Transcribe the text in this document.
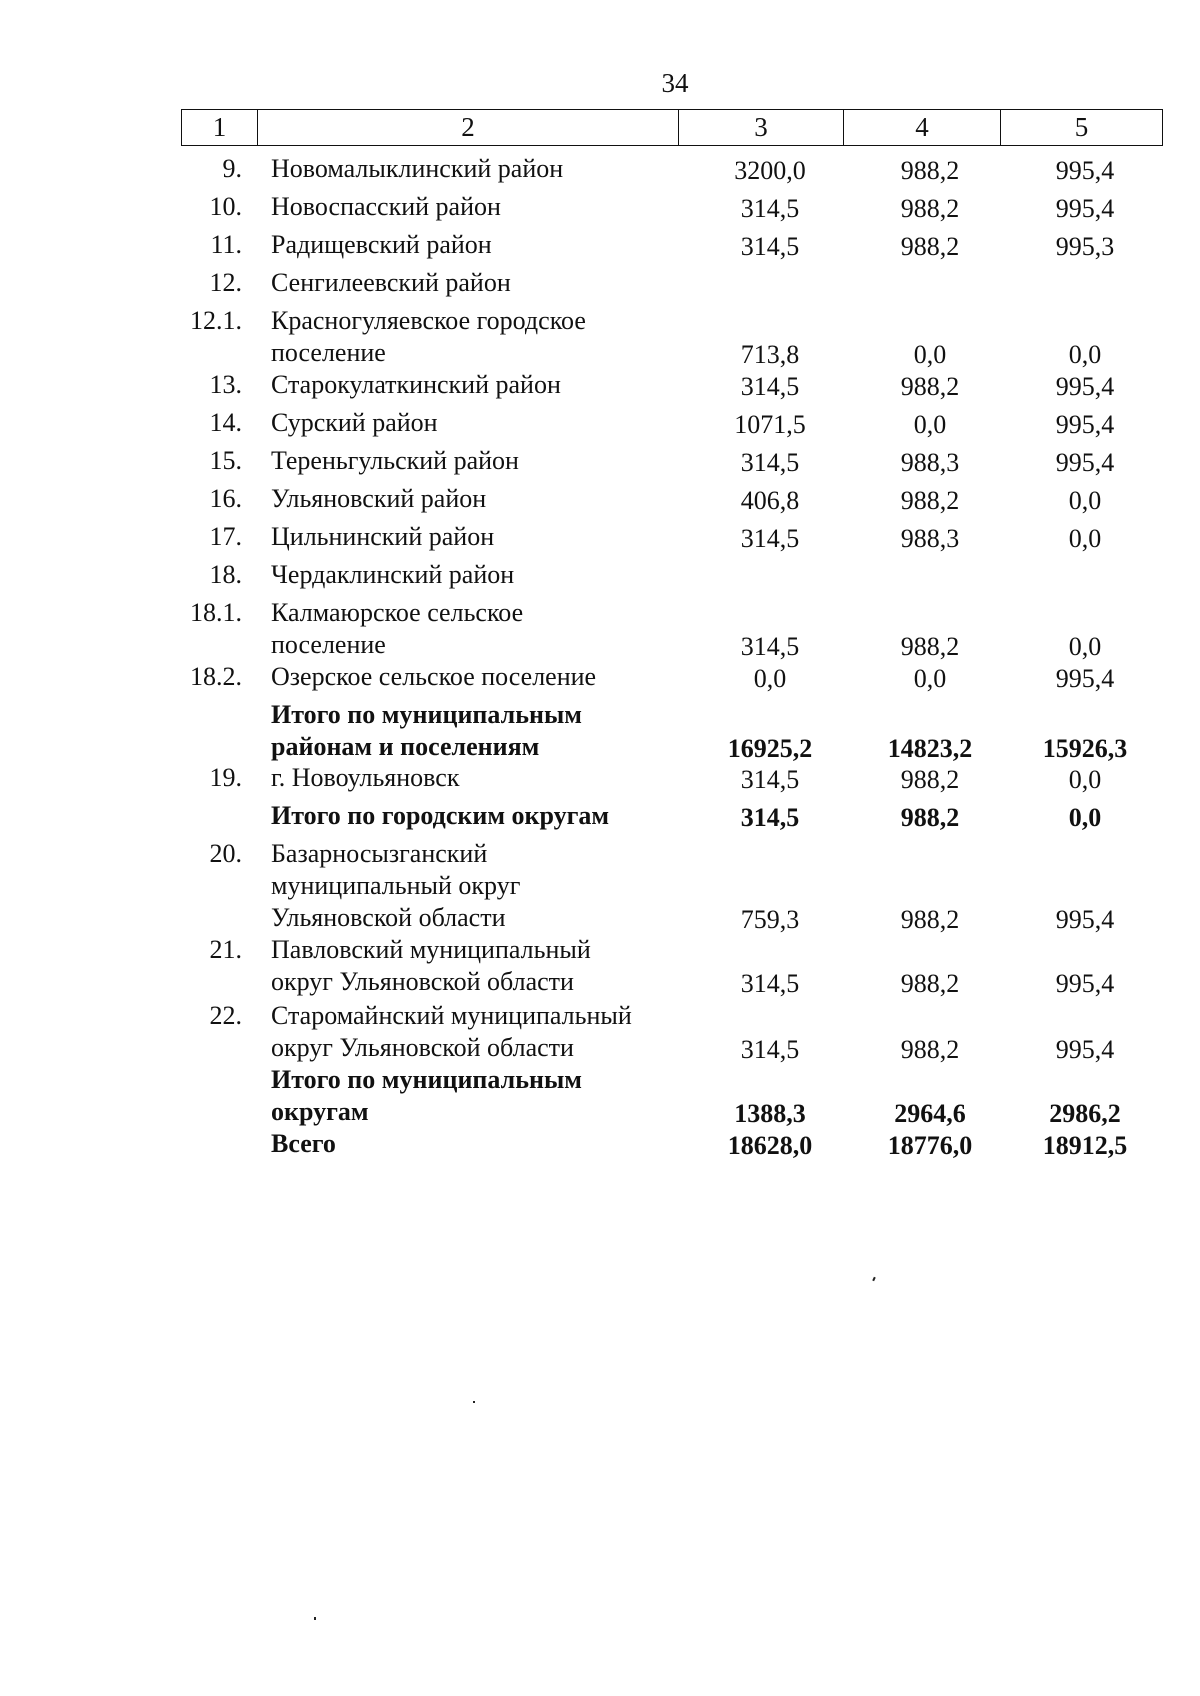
34
1	2	3	4	5
9. Новомалыклинский район	3200,0	988,2	995,4
10. Новоспасский район	314,5	988,2	995,4
11. Радищевский район	314,5	988,2	995,3
12. Сенгилеевский район
12.1. Красногуляевское городское
поселение	713,8	0,0	0,0
13. Старокулаткинский район	314,5	988,2	995,4
14. Сурский район	1071,5	0,0	995,4
15. Тереньгульский район	314,5	988,3	995,4
16. Ульяновский район	406,8	988,2	0,0
17. Цильнинский район	314,5	988,3	0,0
18. Чердаклинский район
18.1. Калмаюрское сельское
поселение	314,5	988,2	0,0
18.2. Озерское сельское поселение	0,0	0,0	995,4
Итого по муниципальным
районам и поселениям	16925,2	14823,2	15926,3
19. г. Новоульяновск	314,5	988,2	0,0
Итого по городским округам	314,5	988,2	0,0
20. Базарносызганский
муниципальный округ
Ульяновской области	759,3	988,2	995,4
21. Павловский муниципальный
округ Ульяновской области	314,5	988,2	995,4
22. Старомайнский муниципальный
округ Ульяновской области	314,5	988,2	995,4
Итого по муниципальным
округам	1388,3	2964,6	2986,2
Всего	18628,0	18776,0	18912,5
